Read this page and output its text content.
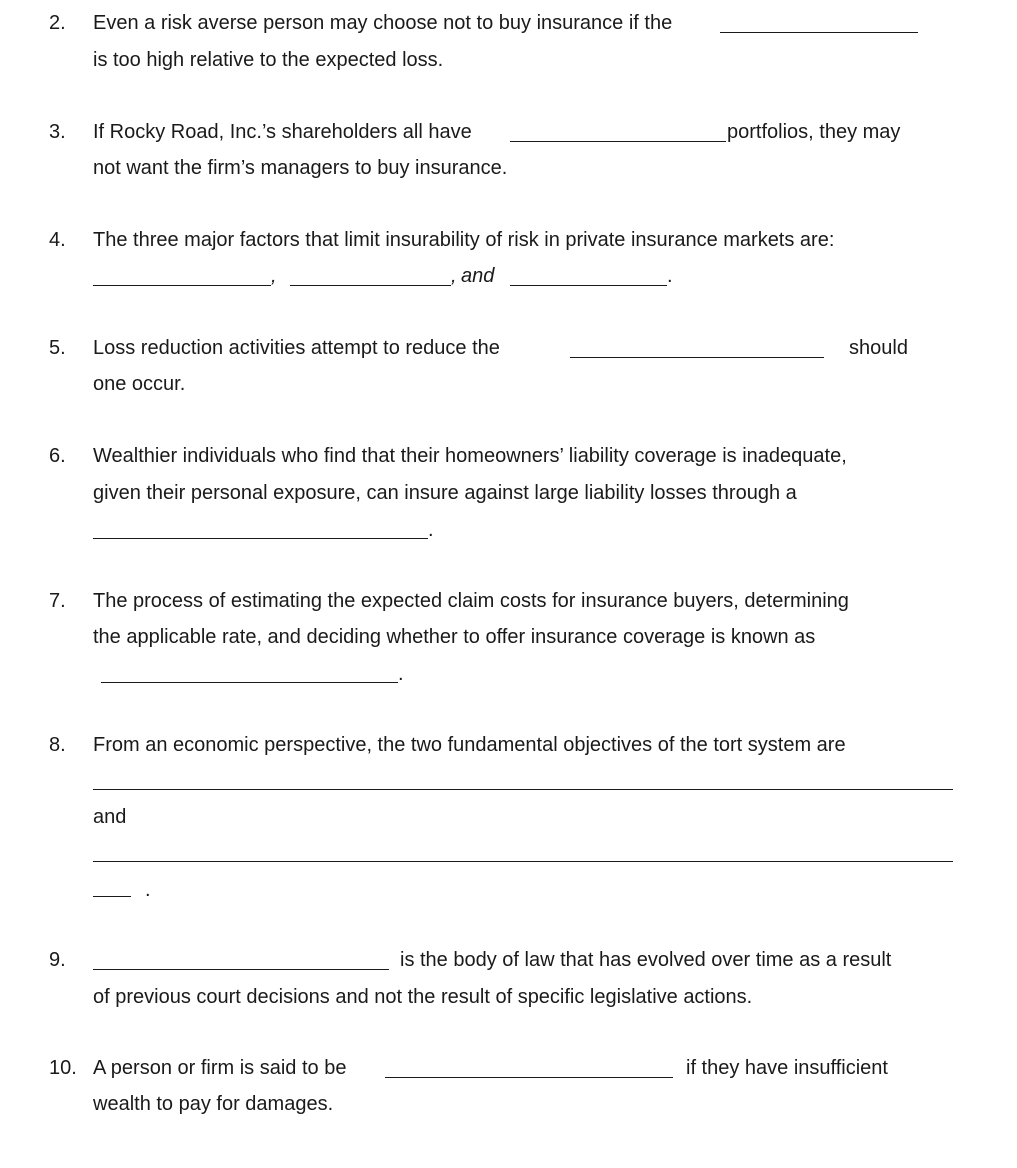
2. Even a risk averse person may choose not to buy insurance if the
is too high relative to the expected loss.
3. If Rocky Road, Inc.’s shareholders all have	portfolios, they may
not want the firm’s managers to buy insurance.
4. The three major factors that limit insurability of risk in private insurance markets are:
,	, and	.
5. Loss reduction activities attempt to reduce the	should
one occur.
6. Wealthier individuals who find that their homeowners’ liability coverage is inadequate,
given their personal exposure, can insure against large liability losses through a
.
7. The process of estimating the expected claim costs for insurance buyers, determining
the applicable rate, and deciding whether to offer insurance coverage is known as
.
8. From an economic perspective, the two fundamental objectives of the tort system are
and
.
9.	is the body of law that has evolved over time as a result
of previous court decisions and not the result of specific legislative actions.
10. A person or firm is said to be	if they have insufficient
wealth to pay for damages.
